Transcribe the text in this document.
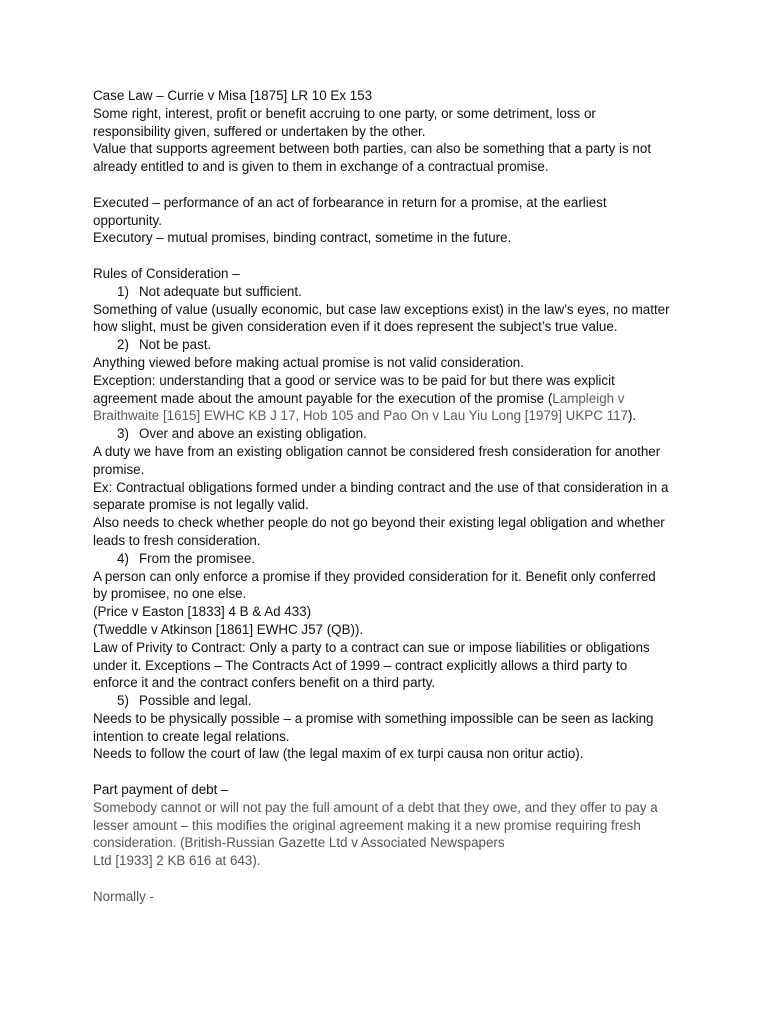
Case Law – Currie v Misa [1875] LR 10 Ex 153

Some right, interest, profit or benefit accruing to one party, or some detriment, loss or responsibility given, suffered or undertaken by the other.

Value that supports agreement between both parties, can also be something that a party is not already entitled to and is given to them in exchange of a contractual promise.

Executed – performance of an act of forbearance in return for a promise, at the earliest opportunity.

Executory – mutual promises, binding contract, sometime in the future.

Rules of Consideration –

1) Not adequate but sufficient.

Something of value (usually economic, but case law exceptions exist) in the law’s eyes, no matter how slight, must be given consideration even if it does represent the subject’s true value.

2) Not be past.

Anything viewed before making actual promise is not valid consideration.

Exception: understanding that a good or service was to be paid for but there was explicit agreement made about the amount payable for the execution of the promise (Lampleigh v Braithwaite [1615] EWHC KB J 17, Hob 105 and Pao On v Lau Yiu Long [1979] UKPC 117).

3) Over and above an existing obligation.

A duty we have from an existing obligation cannot be considered fresh consideration for another promise.

Ex: Contractual obligations formed under a binding contract and the use of that consideration in a separate promise is not legally valid.

Also needs to check whether people do not go beyond their existing legal obligation and whether leads to fresh consideration.

4) From the promisee.

A person can only enforce a promise if they provided consideration for it. Benefit only conferred by promisee, no one else.

(Price v Easton [1833] 4 B & Ad 433)

(Tweddle v Atkinson [1861] EWHC J57 (QB)).

Law of Privity to Contract: Only a party to a contract can sue or impose liabilities or obligations under it. Exceptions – The Contracts Act of 1999 – contract explicitly allows a third party to enforce it and the contract confers benefit on a third party.

5) Possible and legal.

Needs to be physically possible – a promise with something impossible can be seen as lacking intention to create legal relations.

Needs to follow the court of law (the legal maxim of ex turpi causa non oritur actio).

Part payment of debt –

Somebody cannot or will not pay the full amount of a debt that they owe, and they offer to pay a lesser amount – this modifies the original agreement making it a new promise requiring fresh consideration. (British-Russian Gazette Ltd v Associated Newspapers

Ltd [1933] 2 KB 616 at 643).

Normally -
